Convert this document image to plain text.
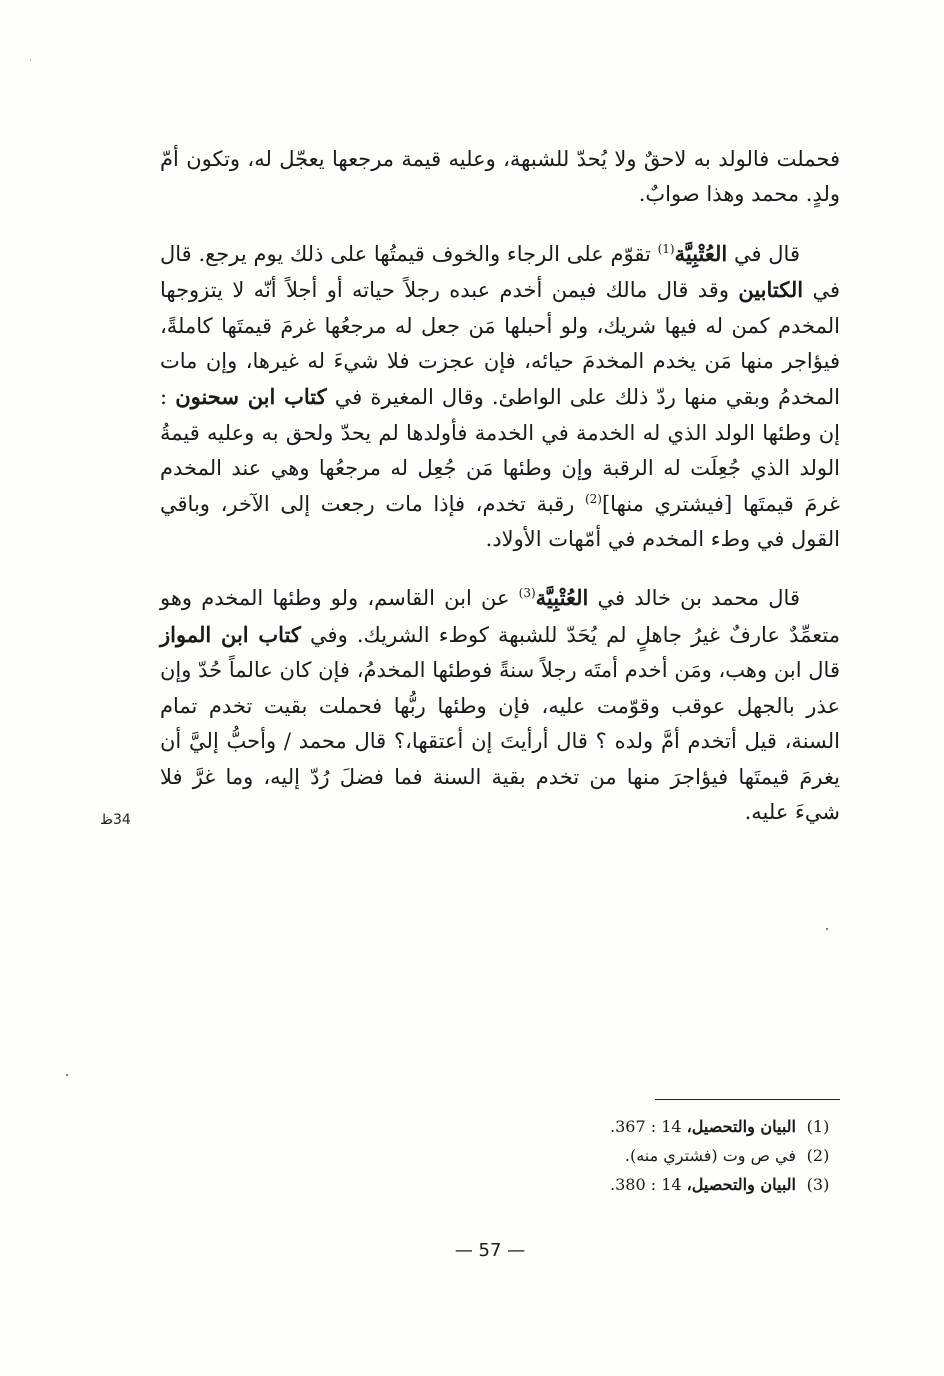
فحملت فالولد به لاحقٌ ولا يُحدّ للشبهة، وعليه قيمة مرجعها يعجّل له، وتكون أمّ ولدٍ. محمد وهذا صوابٌ.

قال في العُتْبِيَّة$^{(1)}$ تقوّم على الرجاء والخوف قيمتُها على ذلك يوم يرجع. قال في الكتابين وقد قال مالك فيمن أخدم عبده رجلاً حياته أو أجلاً أنّه لا يتزوجها المخدم كمن له فيها شريك، ولو أحبلها مَن جعل له مرجعُها غرمَ قيمتَها كاملةً، فيؤاجر منها مَن يخدم المخدمَ حيائه، فإن عجزت فلا شيءَ له غيرها، وإن مات المخدمُ وبقي منها ردّ ذلك على الواطئ. وقال المغيرة في كتاب ابن سحنون : إن وطئها الولد الذي له الخدمة في الخدمة فأولدها لم يحدّ ولحق به وعليه قيمةُ الولد الذي جُعِلَت له الرقبة وإن وطئها مَن جُعِل له مرجعُها وهي عند المخدم غرمَ قيمتَها [فيشتري منها]$^{(2)}$ رقبة تخدم، فإذا مات رجعت إلى الآخر، وباقي القول في وطء المخدم في أمّهات الأولاد.

قال محمد بن خالد في العُتْبِيَّة$^{(3)}$ عن ابن القاسم، ولو وطئها المخدم وهو متعمِّدٌ عارفٌ غيرُ جاهلٍ لم يُحَدّ للشبهة كوطء الشريك. وفي كتاب ابن المواز قال ابن وهب، ومَن أخدم أمتَه رجلاً سنةً فوطئها المخدمُ، فإن كان عالماً حُدّ وإن عذر بالجهل عوقب وقوّمت عليه، فإن وطئها ربُّها فحملت بقيت تخدم تمام السنة، قيل أتخدم أمَّ ولده ؟ قال أرأيتَ إن أعتقها،؟ قال محمد / وأحبُّ إليَّ أن يغرمَ قيمتَها فيؤاجرَ منها من تخدم بقية السنة فما فضلَ رُدّ إليه، وما غرَّ فلا شيءَ عليه.

34ظ
(1)
البيان والتحصيل، 14 : 367.
(2)
في ص وت (فشتري منه).
(3)
البيان والتحصيل، 14 : 380.
— 57 —
